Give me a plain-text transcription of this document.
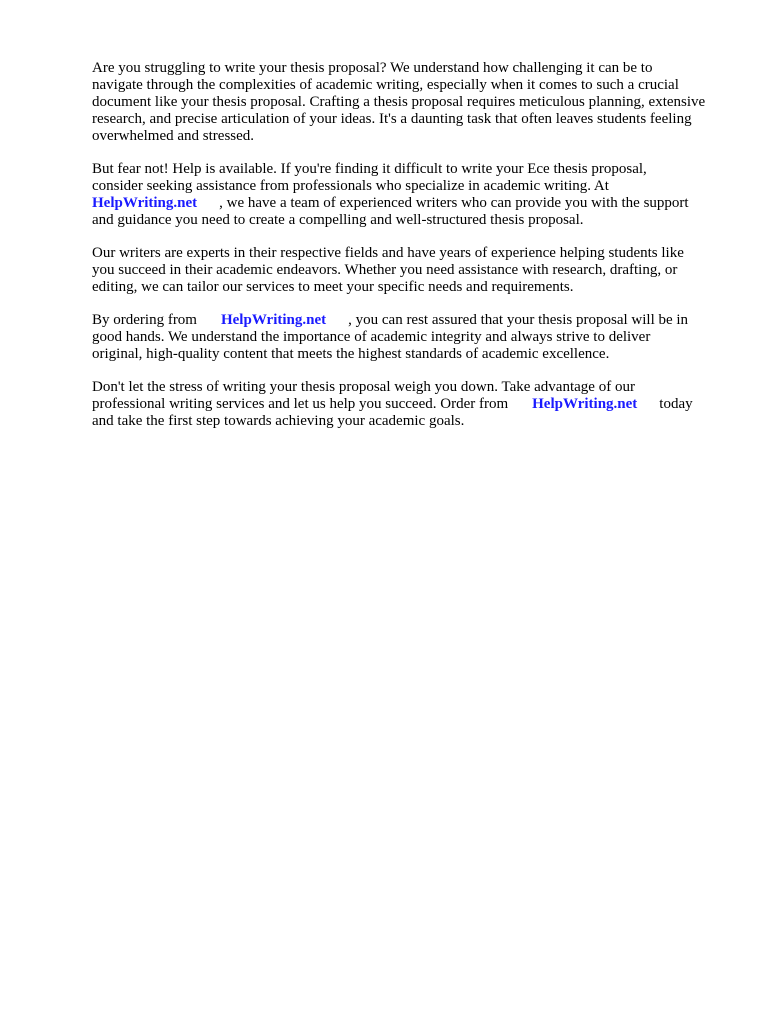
Are you struggling to write your thesis proposal? We understand how challenging it can be to
navigate through the complexities of academic writing, especially when it comes to such a crucial
document like your thesis proposal. Crafting a thesis proposal requires meticulous planning, extensive
research, and precise articulation of your ideas. It's a daunting task that often leaves students feeling
overwhelmed and stressed.

But fear not! Help is available. If you're finding it difficult to write your Ece thesis proposal,
consider seeking assistance from professionals who specialize in academic writing. At
HelpWriting.net , we have a team of experienced writers who can provide you with the support
and guidance you need to create a compelling and well-structured thesis proposal.

Our writers are experts in their respective fields and have years of experience helping students like
you succeed in their academic endeavors. Whether you need assistance with research, drafting, or
editing, we can tailor our services to meet your specific needs and requirements.

By ordering from HelpWriting.net , you can rest assured that your thesis proposal will be in
good hands. We understand the importance of academic integrity and always strive to deliver
original, high-quality content that meets the highest standards of academic excellence.

Don't let the stress of writing your thesis proposal weigh you down. Take advantage of our
professional writing services and let us help you succeed. Order from HelpWriting.net today
and take the first step towards achieving your academic goals.
